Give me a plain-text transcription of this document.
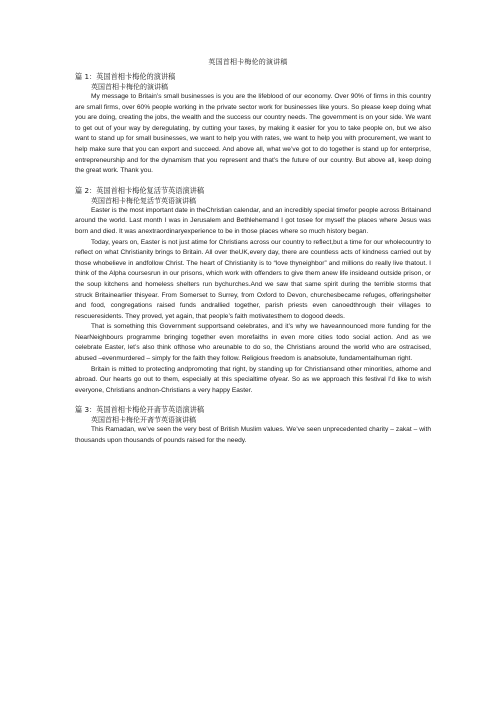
英国首相卡梅伦的演讲稿

篇 1：英国首相卡梅伦的演讲稿

英国首相卡梅伦的演讲稿

My message to Britain’s small businesses is you are the lifeblood of our economy. Over 90% of firms in this country are small firms, over 60% people working in the private sector work for businesses like yours. So please keep doing what you are doing, creating the jobs, the wealth and the success our country needs. The government is on your side. We want to get out of your way by deregulating, by cutting your taxes, by making it easier for you to take people on, but we also want to stand up for small businesses, we want to help you with rates, we want to help you with procurement, we want to help make sure that you can export and succeed. And above all, what we’ve got to do together is stand up for enterprise, entrepreneurship and for the dynamism that you represent and that’s the future of our country. But above all, keep doing the great work. Thank you.

篇 2：英国首相卡梅伦复活节英语演讲稿

英国首相卡梅伦复活节英语演讲稿

Easter is the most important date in theChristian calendar, and an incredibly special timefor people across Britainand around the world. Last month I was in Jerusalem and Bethlehemand I got tosee for myself the places where Jesus was born and died. It was anextraordinaryexperience to be in those places where so much history began.

Today, years on, Easter is not just atime for Christians across our country to reflect,but a time for our wholecountry to reflect on what Christianity brings to Britain. All over theUK,every day, there are countless acts of kindness carried out by those whobelieve in andfollow Christ. The heart of Christianity is to “love thyneighbor” and millions do really live thatout. I think of the Alpha coursesrun in our prisons, which work with offenders to give them anew life insideand outside prison, or the soup kitchens and homeless shelters run bychurches.And we saw that same spirit during the terrible storms that struck Britainearlier thisyear. From Somerset to Surrey, from Oxford to Devon, churchesbecame refuges, offeringshelter and food, congregations raised funds andrallied together, parish priests even canoedthrough their villages to rescueresidents. They proved, yet again, that people’s faith motivatesthem to dogood deeds.

That is something this Government supportsand celebrates, and it’s why we haveannounced more funding for the NearNeighbours programme bringing together even morefaiths in even more cities todo social action. And as we celebrate Easter, let’s also think ofthose who areunable to do so, the Christians around the world who are ostracised, abused –evenmurdered – simply for the faith they follow. Religious freedom is anabsolute, fundamentalhuman right.

Britain is mitted to protecting andpromoting that right, by standing up for Christiansand other minorities, athome and abroad. Our hearts go out to them, especially at this specialtime ofyear. So as we approach this festival I’d like to wish everyone, Christians andnon-Christians a very happy Easter.

篇 3：英国首相卡梅伦开斋节英语演讲稿

英国首相卡梅伦开斋节英语演讲稿

This Ramadan, we’ve seen the very best of British Muslim values. We’ve seen unprecedented charity – zakat – with thousands upon thousands of pounds raised for the needy.
